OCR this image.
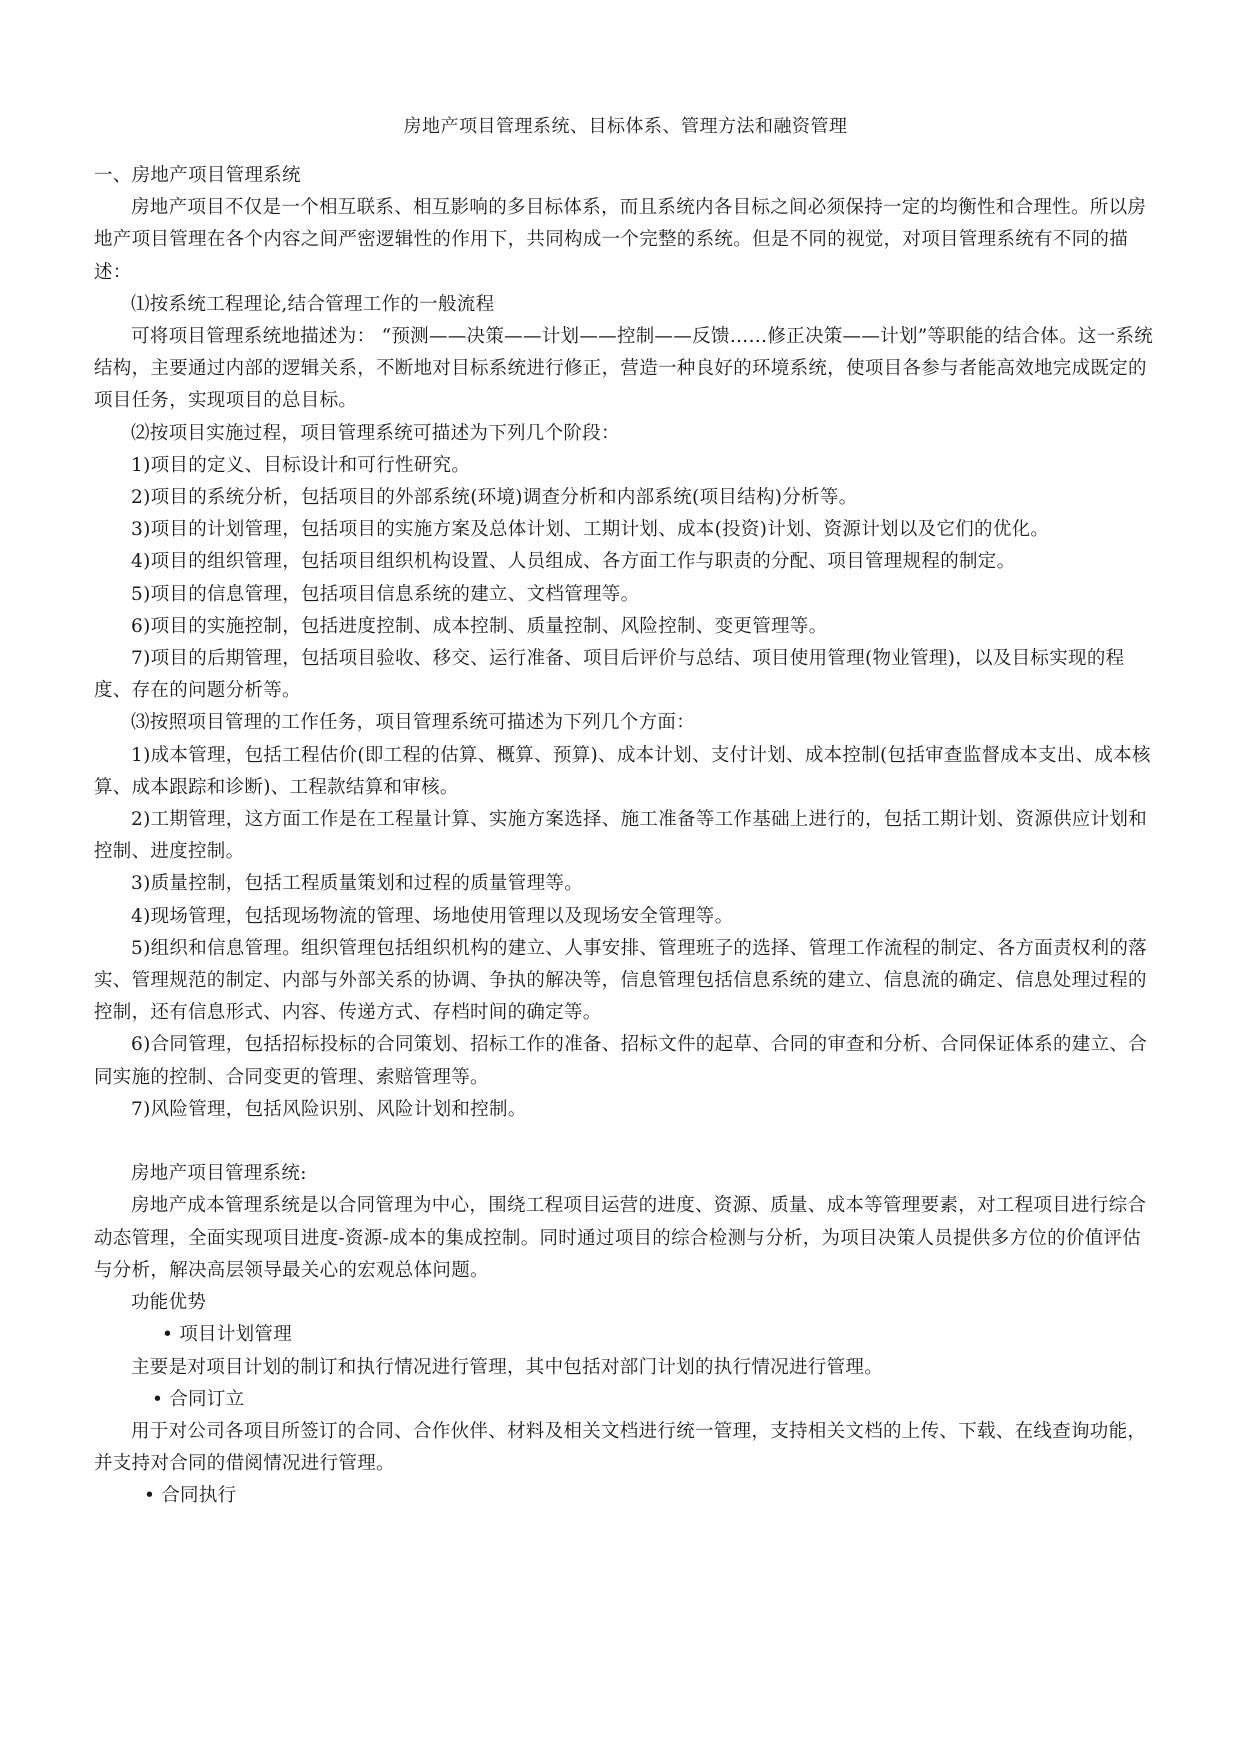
房地产项目管理系统、目标体系、管理方法和融资管理

一、房地产项目管理系统

房地产项目不仅是一个相互联系、相互影响的多目标体系，而且系统内各目标之间必须保持一定的均衡性和合理性。所以房地产项目管理在各个内容之间严密逻辑性的作用下，共同构成一个完整的系统。但是不同的视觉，对项目管理系统有不同的描述：

⑴按系统工程理论,结合管理工作的一般流程

可将项目管理系统地描述为： “预测——决策——计划——控制——反馈……修正决策——计划”等职能的结合体。这一系统结构，主要通过内部的逻辑关系，不断地对目标系统进行修正，营造一种良好的环境系统，使项目各参与者能高效地完成既定的项目任务，实现项目的总目标。

⑵按项目实施过程，项目管理系统可描述为下列几个阶段：

1)项目的定义、目标设计和可行性研究。

2)项目的系统分析，包括项目的外部系统(环境)调查分析和内部系统(项目结构)分析等。

3)项目的计划管理，包括项目的实施方案及总体计划、工期计划、成本(投资)计划、资源计划以及它们的优化。

4)项目的组织管理，包括项目组织机构设置、人员组成、各方面工作与职责的分配、项目管理规程的制定。

5)项目的信息管理，包括项目信息系统的建立、文档管理等。

6)项目的实施控制，包括进度控制、成本控制、质量控制、风险控制、变更管理等。

7)项目的后期管理，包括项目验收、移交、运行准备、项目后评价与总结、项目使用管理(物业管理)，以及目标实现的程度、存在的问题分析等。

⑶按照项目管理的工作任务，项目管理系统可描述为下列几个方面：

1)成本管理，包括工程估价(即工程的估算、概算、预算)、成本计划、支付计划、成本控制(包括审查监督成本支出、成本核算、成本跟踪和诊断)、工程款结算和审核。

2)工期管理，这方面工作是在工程量计算、实施方案选择、施工准备等工作基础上进行的，包括工期计划、资源供应计划和控制、进度控制。

3)质量控制，包括工程质量策划和过程的质量管理等。

4)现场管理，包括现场物流的管理、场地使用管理以及现场安全管理等。

5)组织和信息管理。组织管理包括组织机构的建立、人事安排、管理班子的选择、管理工作流程的制定、各方面责权利的落实、管理规范的制定、内部与外部关系的协调、争执的解决等，信息管理包括信息系统的建立、信息流的确定、信息处理过程的控制，还有信息形式、内容、传递方式、存档时间的确定等。

6)合同管理，包括招标投标的合同策划、招标工作的准备、招标文件的起草、合同的审查和分析、合同保证体系的建立、合同实施的控制、合同变更的管理、索赔管理等。

7)风险管理，包括风险识别、风险计划和控制。

房地产项目管理系统:

房地产成本管理系统是以合同管理为中心，围绕工程项目运营的进度、资源、质量、成本等管理要素，对工程项目进行综合动态管理，全面实现项目进度-资源-成本的集成控制。同时通过项目的综合检测与分析，为项目决策人员提供多方位的价值评估与分析，解决高层领导最关心的宏观总体问题。

功能优势

• 项目计划管理

主要是对项目计划的制订和执行情况进行管理，其中包括对部门计划的执行情况进行管理。

• 合同订立

用于对公司各项目所签订的合同、合作伙伴、材料及相关文档进行统一管理，支持相关文档的上传、下载、在线查询功能，并支持对合同的借阅情况进行管理。

• 合同执行
